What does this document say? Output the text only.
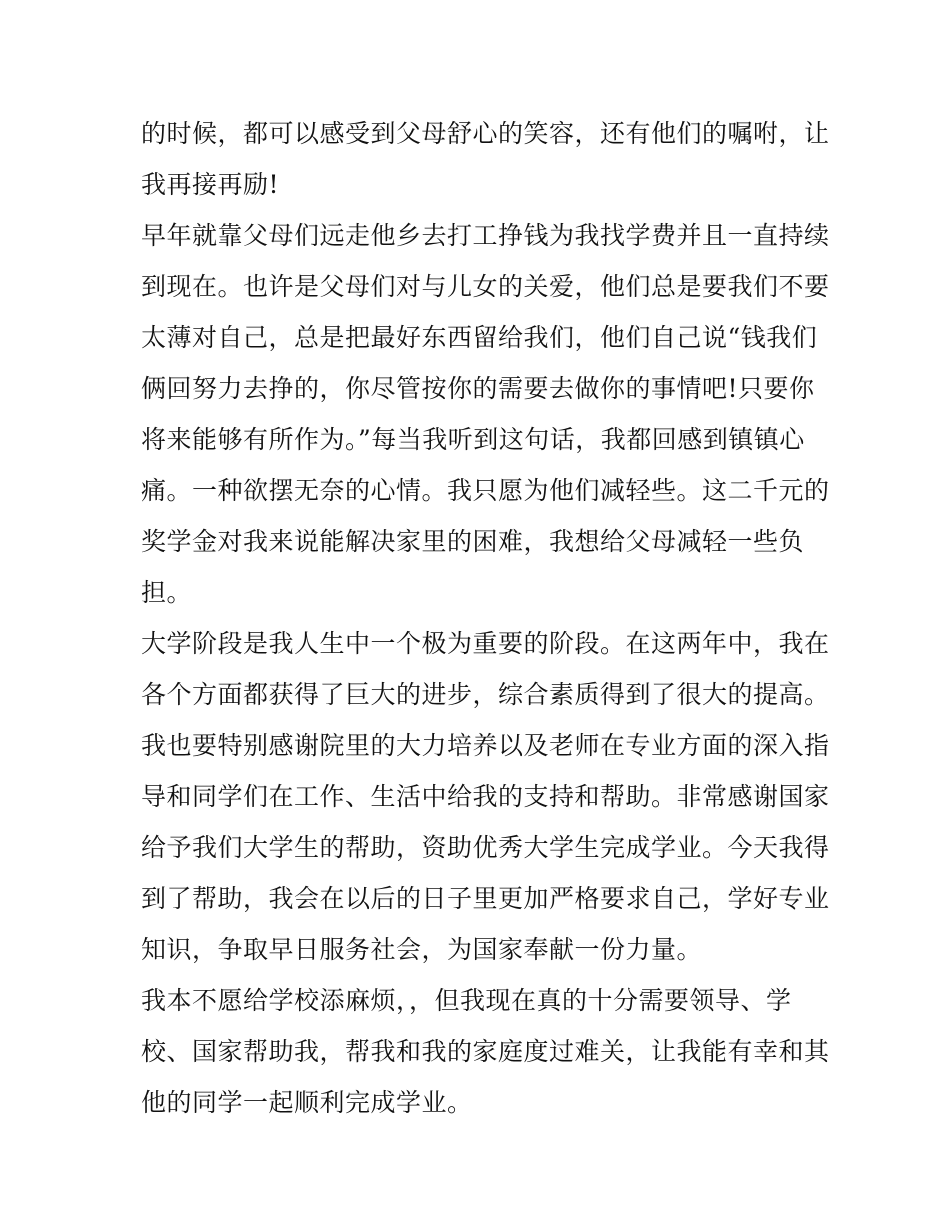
的时候，都可以感受到父母舒心的笑容，还有他们的嘱咐，让
我再接再励!
早年就靠父母们远走他乡去打工挣钱为我找学费并且一直持续
到现在。也许是父母们对与儿女的关爱，他们总是要我们不要
太薄对自己，总是把最好东西留给我们，他们自己说“钱我们
俩回努力去挣的，你尽管按你的需要去做你的事情吧!只要你
将来能够有所作为。”每当我听到这句话，我都回感到镇镇心
痛。一种欲摆无奈的心情。我只愿为他们减轻些。这二千元的
奖学金对我来说能解决家里的困难，我想给父母减轻一些负
担。
大学阶段是我人生中一个极为重要的阶段。在这两年中，我在
各个方面都获得了巨大的进步，综合素质得到了很大的提高。
我也要特别感谢院里的大力培养以及老师在专业方面的深入指
导和同学们在工作、生活中给我的支持和帮助。非常感谢国家
给予我们大学生的帮助，资助优秀大学生完成学业。今天我得
到了帮助，我会在以后的日子里更加严格要求自己，学好专业
知识，争取早日服务社会，为国家奉献一份力量。
我本不愿给学校添麻烦，，但我现在真的十分需要领导、学
校、国家帮助我，帮我和我的家庭度过难关，让我能有幸和其
他的同学一起顺利完成学业。
